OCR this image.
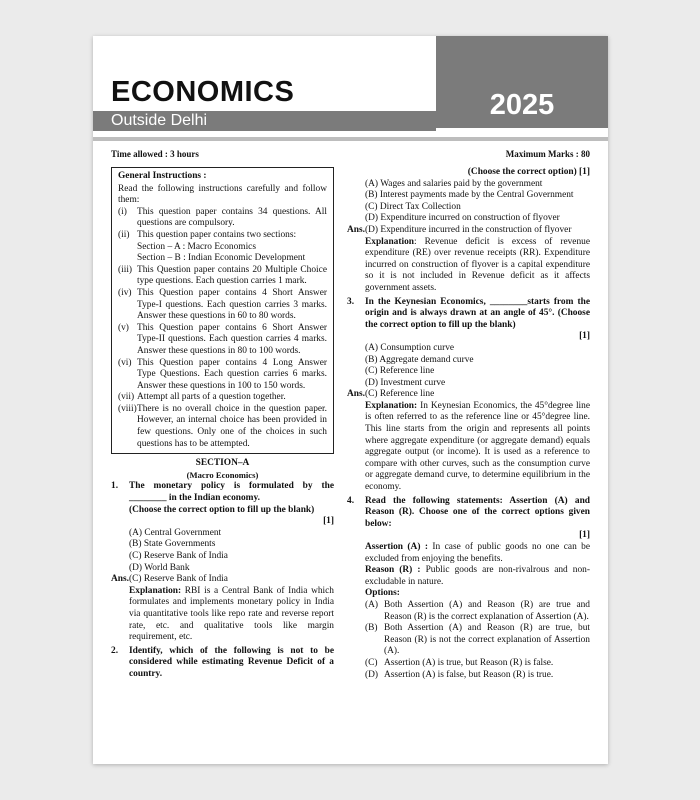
2025
ECONOMICS
Outside Delhi
Time allowed : 3 hours	Maximum Marks : 80
General Instructions :
Read the following instructions carefully and follow them:
(i)	This question paper contains 34 questions. All questions are compulsory.
(ii) This question paper contains two sections:
Section – A : Macro Economics
Section – B : Indian Economic Development
(iii) This Question paper contains 20 Multiple Choice type questions. Each question carries 1 mark.
(iv) This Question paper contains 4 Short Answer Type-I questions. Each question carries 3 marks. Answer these questions in 60 to 80 words.
(v) This Question paper contains 6 Short Answer Type-II questions. Each question carries 4 marks. Answer these questions in 80 to 100 words.
(vi) This Question paper contains 4 Long Answer Type Questions. Each question carries 6 marks. Answer these questions in 100 to 150 words.
(vii) Attempt all parts of a question together.
(viii) There is no overall choice in the question paper. However, an internal choice has been provided in few questions. Only one of the choices in such questions has to be attempted.
SECTION–A
(Macro Economics)
1.	The monetary policy is formulated by the ________ in the Indian economy.
(Choose the correct option to fill up the blank)
[1]
(A) Central Government
(B) State Governments
(C) Reserve Bank of India
(D) World Bank
Ans. (C) Reserve Bank of India
Explanation: RBI is a Central Bank of India which formulates and implements monetary policy in India via quantitative tools like repo rate and reverse report rate, etc. and qualitative tools like margin requirement, etc.
2.	Identify, which of the following is not to be considered while estimating Revenue Deficit of a country.
(Choose the correct option) [1]
(A) Wages and salaries paid by the government
(B) Interest payments made by the Central Government
(C) Direct Tax Collection
(D) Expenditure incurred on construction of flyover
Ans. (D) Expenditure incurred in the construction of flyover
Explanation: Revenue deficit is excess of revenue expenditure (RE) over revenue receipts (RR). Expenditure incurred on construction of flyover is a capital expenditure so it is not included in Revenue deficit as it affects government assets.
3.	In the Keynesian Economics, ________starts from the origin and is always drawn at an angle of 45°. (Choose the correct option to fill up the blank)
[1]
(A) Consumption curve
(B) Aggregate demand curve
(C) Reference line
(D) Investment curve
Ans. (C) Reference line
Explanation: In Keynesian Economics, the 45°degree line is often referred to as the reference line or 45°degree line. This line starts from the origin and represents all points where aggregate expenditure (or aggregate demand) equals aggregate output (or income). It is used as a reference to compare with other curves, such as the consumption curve or aggregate demand curve, to determine equilibrium in the economy.
4.	Read the following statements: Assertion (A) and Reason (R). Choose one of the correct options given below:
[1]
Assertion (A) : In case of public goods no one can be excluded from enjoying the benefits.
Reason (R) : Public goods are non-rivalrous and non-excludable in nature.
Options:
(A) Both Assertion (A) and Reason (R) are true and Reason (R) is the correct explanation of Assertion (A).
(B) Both Assertion (A) and Reason (R) are true, but Reason (R) is not the correct explanation of Assertion (A).
(C) Assertion (A) is true, but Reason (R) is false.
(D) Assertion (A) is false, but Reason (R) is true.
